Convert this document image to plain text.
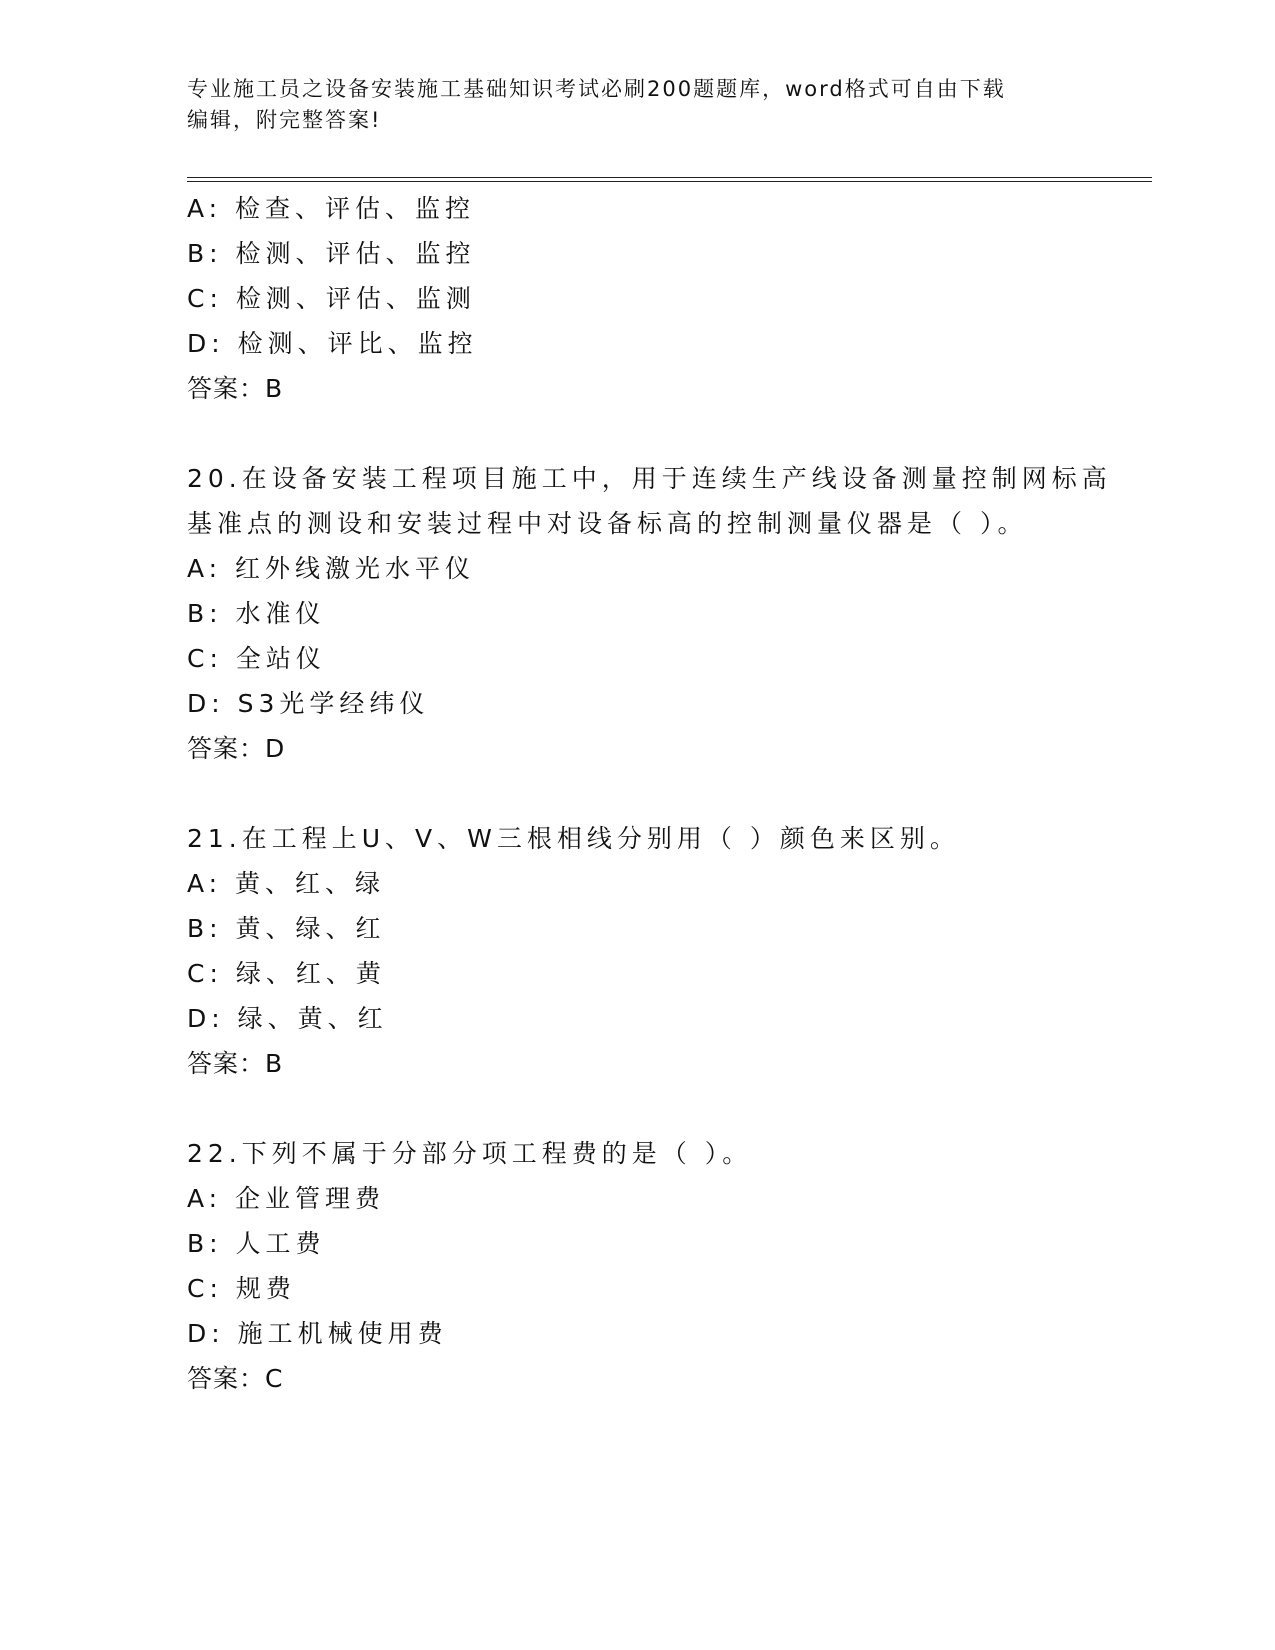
专业施工员之设备安装施工基础知识考试必刷200题题库，word格式可自由下载
编辑，附完整答案!
A: 检查、评估、监控
B: 检测、评估、监控
C: 检测、评估、监测
D: 检测、评比、监控
答案：B
20.在设备安装工程项目施工中，用于连续生产线设备测量控制网标高
基准点的测设和安装过程中对设备标高的控制测量仪器是（ ）。
A: 红外线激光水平仪
B: 水准仪
C: 全站仪
D: S3光学经纬仪
答案：D
21.在工程上U、V、W三根相线分别用（ ）颜色来区别。
A: 黄、红、绿
B: 黄、绿、红
C: 绿、红、黄
D: 绿、黄、红
答案：B
22.下列不属于分部分项工程费的是（ ）。
A: 企业管理费
B: 人工费
C: 规费
D: 施工机械使用费
答案：C
